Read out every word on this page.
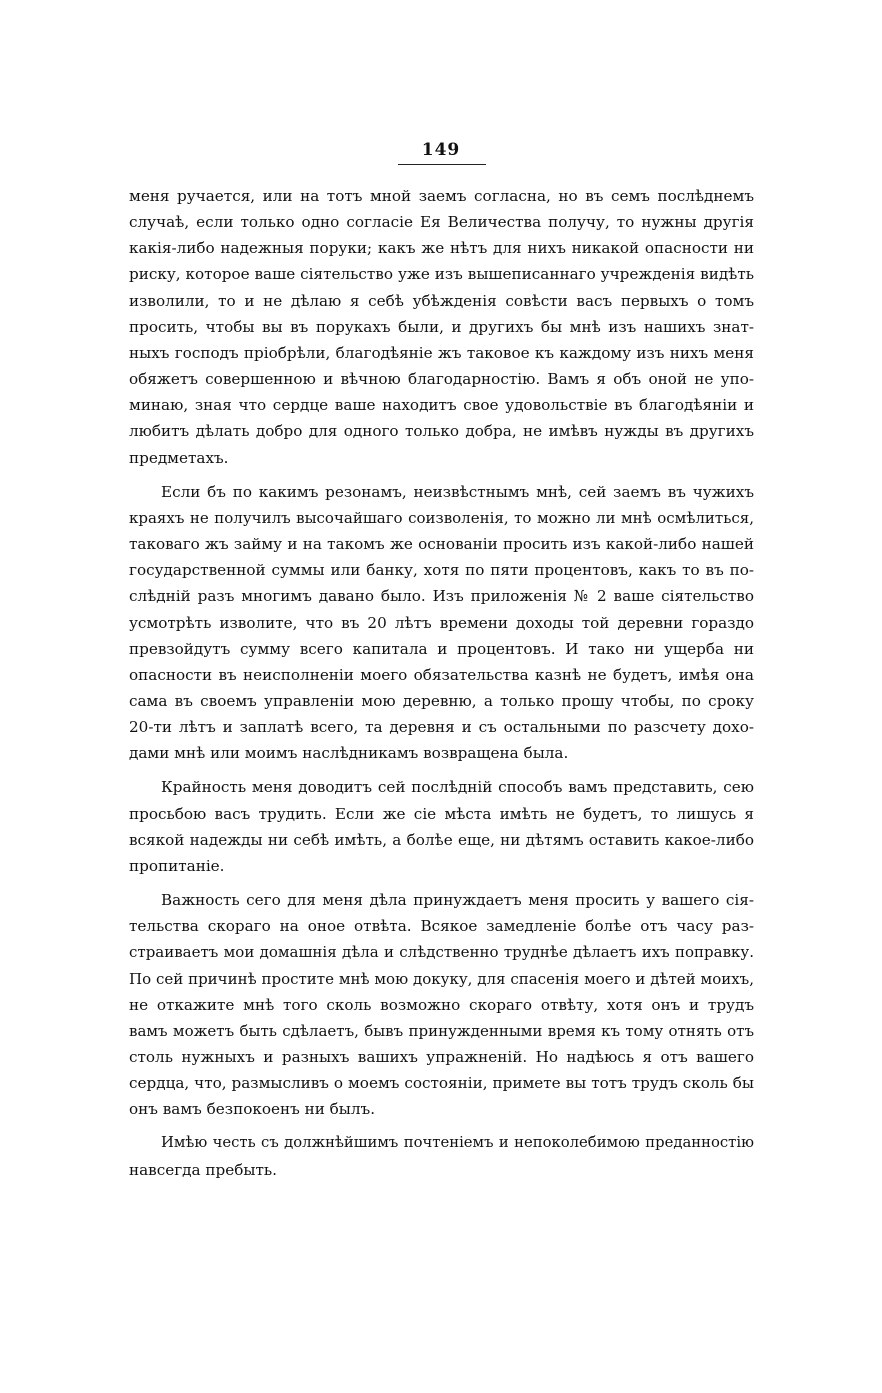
149
меня ручается, или на тотъ мной заемъ согласна, но въ семъ послѣднемъ
случаѣ, если только одно согласіе Ея Величества получу, то нужны другія
какія-либо надежныя поруки; какъ же нѣтъ для нихъ никакой опасности ни
риску, которое ваше сіятельство уже изъ вышеписаннаго учрежденія видѣть
изволили, то и не дѣлаю я себѣ убѣжденія совѣсти васъ первыхъ о томъ
просить, чтобы вы въ порукахъ были, и другихъ бы мнѣ изъ нашихъ знат-
ныхъ господъ пріобрѣли, благодѣяніе жъ таковое къ каждому изъ нихъ меня
обяжетъ совершенною и вѣчною благодарностію. Вамъ я объ оной не упо-
минаю, зная что сердце ваше находитъ свое удовольствіе въ благодѣяніи и
любитъ дѣлать добро для одного только добра, не имѣвъ нужды въ другихъ
предметахъ.
Если бъ по какимъ резонамъ, неизвѣстнымъ мнѣ, сей заемъ въ чужихъ
краяхъ не получилъ высочайшаго соизволенія, то можно ли мнѣ осмѣлиться,
таковаго жъ займу и на такомъ же основаніи просить изъ какой-либо нашей
государственной суммы или банку, хотя по пяти процентовъ, какъ то въ по-
слѣдній разъ многимъ давано было. Изъ приложенія № 2 ваше сіятельство
усмотрѣть изволите, что въ 20 лѣтъ времени доходы той деревни гораздо
превзойдутъ сумму всего капитала и процентовъ. И тако ни ущерба ни
опасности въ неисполненіи моего обязательства казнѣ не будетъ, имѣя она
сама въ своемъ управленіи мою деревню, а только прошу чтобы, по сроку
20-ти лѣтъ и заплатѣ всего, та деревня и съ остальными по разсчету дохо-
дами мнѣ или моимъ наслѣдникамъ возвращена была.
Крайность меня доводитъ сей послѣдній способъ вамъ представить, сею
просьбою васъ трудить. Если же сіе мѣста имѣть не будетъ, то лишусь я
всякой надежды ни себѣ имѣть, а болѣе еще, ни дѣтямъ оставить какое-либо
пропитаніе.
Важность сего для меня дѣла принуждаетъ меня просить у вашего сія-
тельства скораго на оное отвѣта. Всякое замедленіе болѣе отъ часу раз-
страиваетъ мои домашнія дѣла и слѣдственно труднѣе дѣлаетъ ихъ поправку.
По сей причинѣ простите мнѣ мою докуку, для спасенія моего и дѣтей моихъ,
не откажите мнѣ того сколь возможно скораго отвѣту, хотя онъ и трудъ
вамъ можетъ быть сдѣлаетъ, бывъ принужденными время къ тому отнять отъ
столь нужныхъ и разныхъ вашихъ упражненій. Но надѣюсь я отъ вашего
сердца, что, размысливъ о моемъ состояніи, примете вы тотъ трудъ сколь бы
онъ вамъ безпокоенъ ни былъ.
Имѣю честь съ должнѣйшимъ почтеніемъ и непоколебимою преданностію
навсегда пребыть.
